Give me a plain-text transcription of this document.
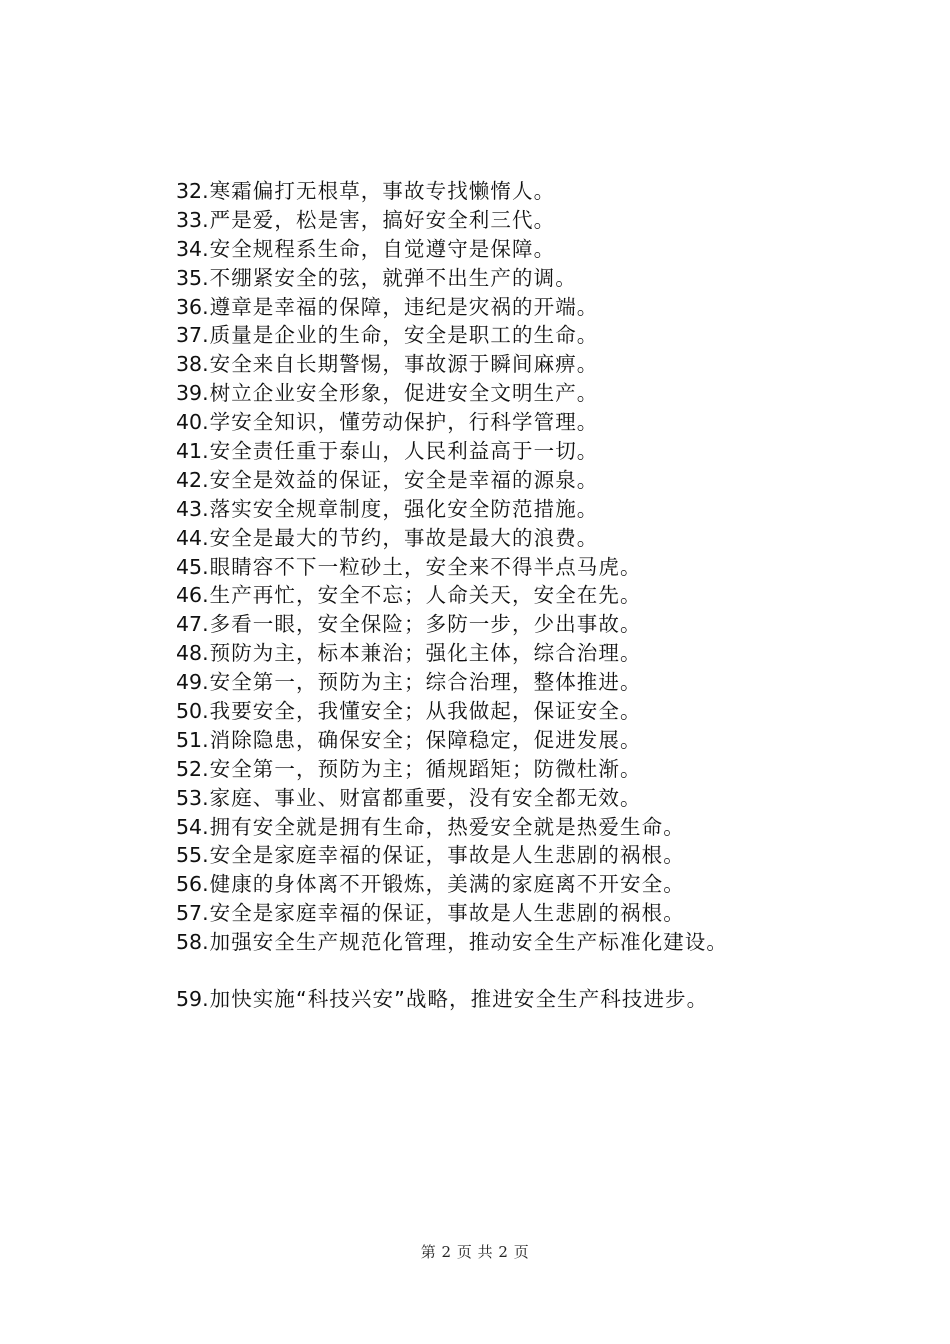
32.寒霜偏打无根草，事故专找懒惰人。
33.严是爱，松是害，搞好安全利三代。
34.安全规程系生命，自觉遵守是保障。
35.不绷紧安全的弦，就弹不出生产的调。
36.遵章是幸福的保障，违纪是灾祸的开端。
37.质量是企业的生命，安全是职工的生命。
38.安全来自长期警惕，事故源于瞬间麻痹。
39.树立企业安全形象，促进安全文明生产。
40.学安全知识，懂劳动保护，行科学管理。
41.安全责任重于泰山，人民利益高于一切。
42.安全是效益的保证，安全是幸福的源泉。
43.落实安全规章制度，强化安全防范措施。
44.安全是最大的节约，事故是最大的浪费。
45.眼睛容不下一粒砂土，安全来不得半点马虎。
46.生产再忙，安全不忘；人命关天，安全在先。
47.多看一眼，安全保险；多防一步，少出事故。
48.预防为主，标本兼治；强化主体，综合治理。
49.安全第一，预防为主；综合治理，整体推进。
50.我要安全，我懂安全；从我做起，保证安全。
51.消除隐患，确保安全；保障稳定，促进发展。
52.安全第一，预防为主；循规蹈矩；防微杜渐。
53.家庭、事业、财富都重要，没有安全都无效。
54.拥有安全就是拥有生命，热爱安全就是热爱生命。
55.安全是家庭幸福的保证，事故是人生悲剧的祸根。
56.健康的身体离不开锻炼，美满的家庭离不开安全。
57.安全是家庭幸福的保证，事故是人生悲剧的祸根。
58.加强安全生产规范化管理，推动安全生产标准化建设。
59.加快实施“科技兴安”战略，推进安全生产科技进步。
第 2 页 共 2 页
